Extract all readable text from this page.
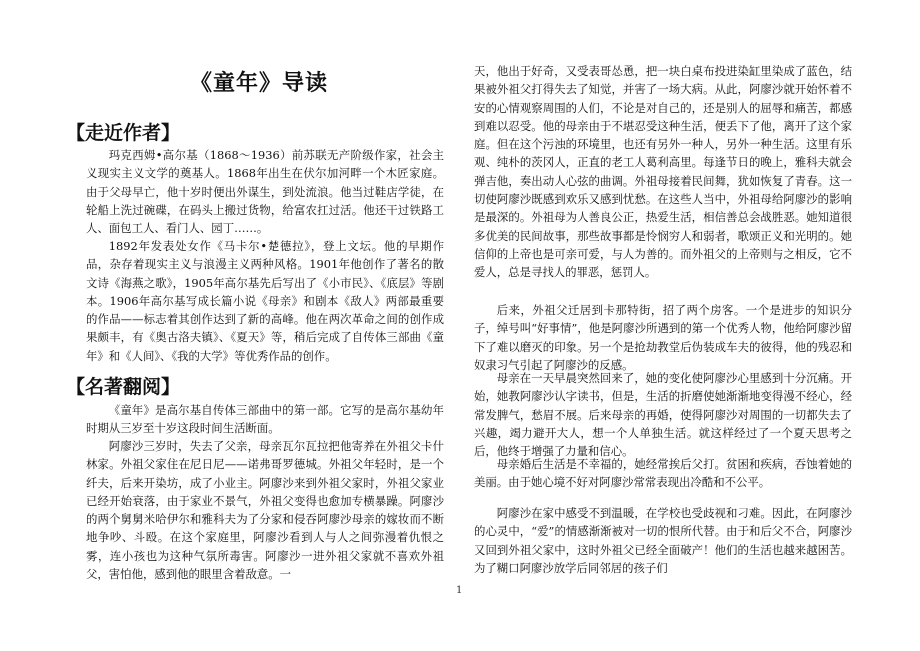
《童年》导读
【走近作者】

玛克西姆•高尔基（1868～1936）前苏联无产阶级作家，社会主义现实主义文学的奠基人。1868年出生在伏尔加河畔一个木匠家庭。由于父母早亡，他十岁时便出外谋生，到处流浪。他当过鞋店学徒，在轮船上洗过碗碟，在码头上搬过货物，给富农扛过活。他还干过铁路工人、面包工人、看门人、园丁……。

1892年发表处女作《马卡尔•楚德拉》，登上文坛。他的早期作品，杂存着现实主义与浪漫主义两种风格。1901年他创作了著名的散文诗《海燕之歌》，1905年高尔基先后写出了《小市民》、《底层》等剧本。1906年高尔基写成长篇小说《母亲》和剧本《敌人》两部最重要的作品——标志着其创作达到了新的高峰。他在两次革命之间的创作成果颇丰，有《奥古洛夫镇》、《夏天》等，稍后完成了自传体三部曲《童年》和《人间》、《我的大学》等优秀作品的创作。

【名著翻阅】

《童年》是高尔基自传体三部曲中的第一部。它写的是高尔基幼年时期从三岁至十岁这段时间生活断面。

阿廖沙三岁时，失去了父亲，母亲瓦尔瓦拉把他寄养在外祖父卡什林家。外祖父家住在尼日尼——诺弗哥罗德城。外祖父年轻时，是一个纤夫，后来开染坊，成了小业主。阿廖沙来到外祖父家时，外祖父家业已经开始衰落，由于家业不景气，外祖父变得也愈加专横暴躁。阿廖沙的两个舅舅米哈伊尔和雅科夫为了分家和侵吞阿廖沙母亲的嫁妆而不断地争吵、斗殴。在这个家庭里，阿廖沙看到人与人之间弥漫着仇恨之雾，连小孩也为这种气氛所毒害。阿廖沙一进外祖父家就不喜欢外祖父，害怕他，感到他的眼里含着敌意。一

天，他出于好奇，又受表哥怂恿，把一块白桌布投进染缸里染成了蓝色，结果被外祖父打得失去了知觉，并害了一场大病。从此，阿廖沙就开始怀着不安的心情观察周围的人们，不论是对自己的，还是别人的屈辱和痛苦，都感到难以忍受。他的母亲由于不堪忍受这种生活，便丢下了他，离开了这个家庭。但在这个污浊的环境里，也还有另外一种人，另外一种生活。这里有乐观、纯朴的茨冈人，正直的老工人葛利高里。每逢节日的晚上，雅科夫就会弹吉他，奏出动人心弦的曲调。外祖母接着民间舞，犹如恢复了青春。这一切使阿廖沙既感到欢乐又感到忧愁。在这些人当中，外祖母给阿廖沙的影响是最深的。外祖母为人善良公正，热爱生活，相信善总会战胜恶。她知道很多优美的民间故事，那些故事都是怜悯穷人和弱者，歌颂正义和光明的。她信仰的上帝也是可亲可爱，与人为善的。而外祖父的上帝则与之相反，它不爱人，总是寻找人的罪恶，惩罚人。

后来，外祖父迁居到卡那特街，招了两个房客。一个是进步的知识分子，绰号叫“好事情”，他是阿廖沙所遇到的第一个优秀人物，他给阿廖沙留下了难以磨灭的印象。另一个是抢劫教堂后伪装成车夫的彼得，他的残忍和奴隶习气引起了阿廖沙的反感。

母亲在一天早晨突然回来了，她的变化使阿廖沙心里感到十分沉痛。开始，她教阿廖沙认字读书，但是，生活的折磨使她渐渐地变得漫不经心，经常发脾气，愁眉不展。后来母亲的再婚，使得阿廖沙对周围的一切都失去了兴趣，竭力避开大人，想一个人单独生活。就这样经过了一个夏天思考之后，他终于增强了力量和信心。

母亲婚后生活是不幸福的，她经常挨后父打。贫困和疾病，吞蚀着她的美丽。由于她心境不好对阿廖沙常常表现出冷酷和不公平。

阿廖沙在家中感受不到温暖，在学校也受歧视和刁难。因此，在阿廖沙的心灵中，“爱”的情感渐渐被对一切的恨所代替。由于和后父不合，阿廖沙又回到外祖父家中，这时外祖父已经全面破产！他们的生活也越来越困苦。为了糊口阿廖沙放学后同邻居的孩子们

1
